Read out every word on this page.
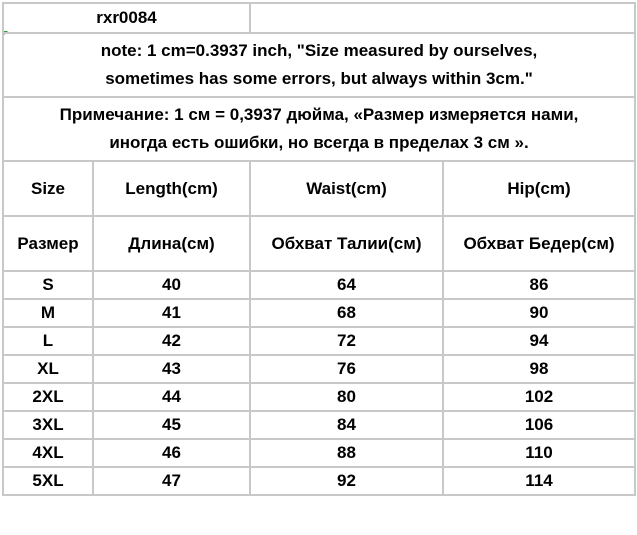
rxr0084			

note: 1 cm=0.3937 inch, "Size measured by ourselves,
sometimes has some errors, but always within 3cm."			

Примечание: 1 см = 0,3937 дюйма, «Размер измеряется нами,
иногда есть ошибки, но всегда в пределах 3 см ».			

Size	Length(cm)	Waist(cm)	Hip(cm)
Размер	Длина(см)	Обхват Талии(см)	Обхват Бедер(см)
S	40	64	86
M	41	68	90
L	42	72	94
XL	43	76	98
2XL	44	80	102
3XL	45	84	106
4XL	46	88	110
5XL	47	92	114
